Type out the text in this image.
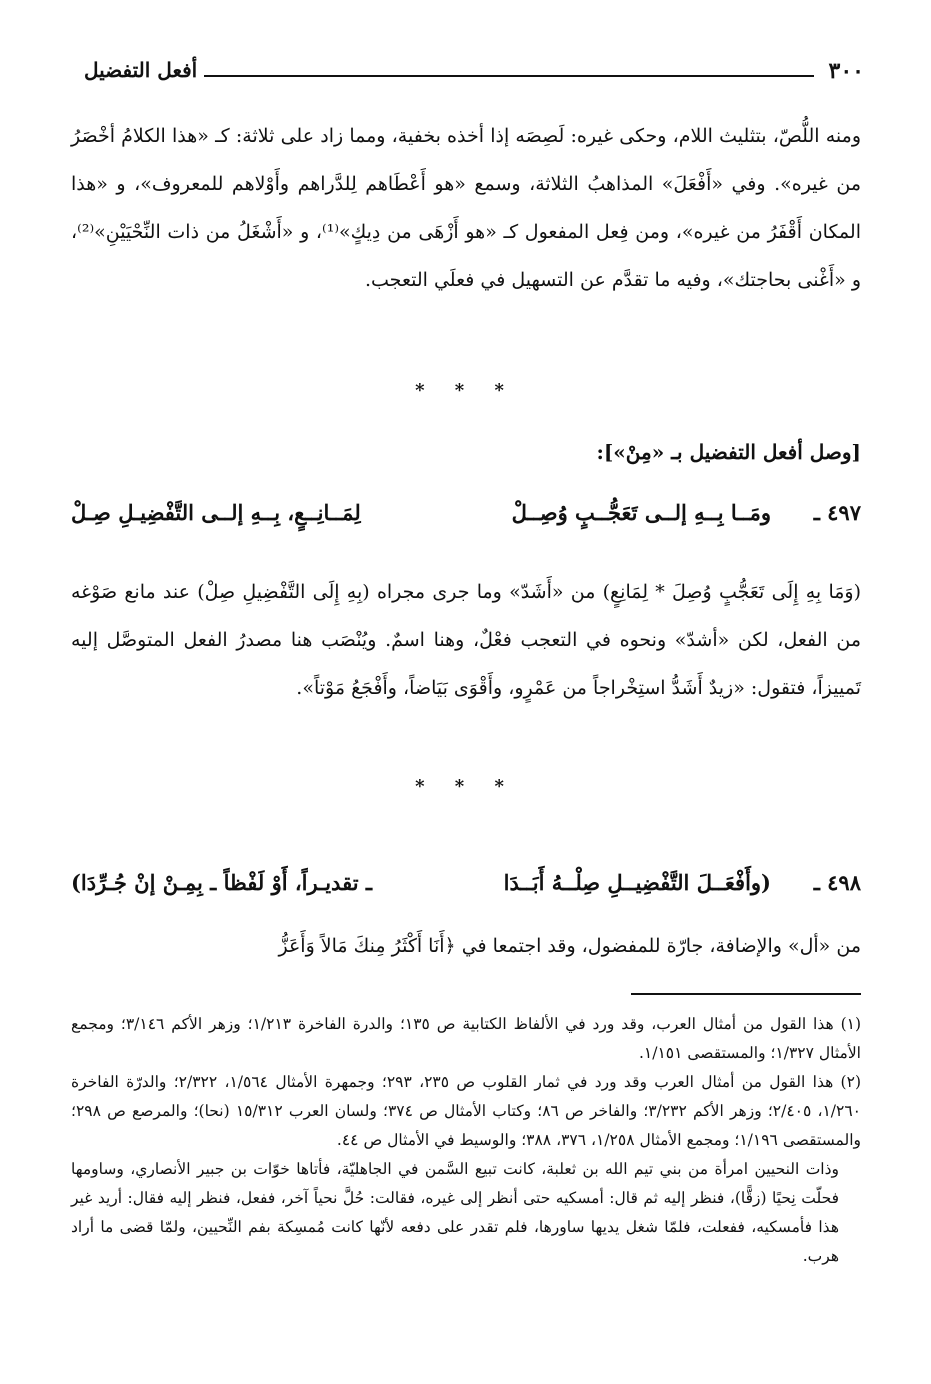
٣٠٠
أفعل التفضيل
ومنه اللُّصّ، بتثليث اللام، وحكى غيره: لَصِصَه إذا أخذه بخفية، ومما زاد على ثلاثة: كـ «هذا الكلامُ أخْصَرُ من غيره». وفي «أَفْعَلَ» المذاهبُ الثلاثة، وسمع «هو أَعْطَاهم لِلدَّراهم وأَوْلاهم للمعروف»، و «هذا المكان أَقْفَرُ من غيره»، ومن فِعل المفعول كـ «هو أَزْهَى من دِيكٍ»⁽¹⁾، و «أَشْغَلُ من ذات النِّحْيَيْنِ»⁽²⁾، و «أَغْنى بحاجتك»، وفيه ما تقدَّم عن التسهيل في فعلَي التعجب.
* * *
[وصل أفعل التفضيل بـ «مِنْ»]:
٤٩٧ ـ
ومَــا بِــهِ إلــى تَعَجُّــبٍ وُصِــلْ
لِمَــانِــعٍ، بِــهِ إلــى التَّفْضِيـلِ صِـلْ
(وَمَا بِهِ إِلَى تَعَجُّبٍ وُصِلَ * لِمَانِعٍ) من «أَشَدّ» وما جرى مجراه (بِهِ إِلَى التَّفْضِيلِ صِلْ) عند مانع صَوْغه من الفعل، لكن «أشدّ» ونحوه في التعجب فعْلٌ، وهنا اسمٌ. ويُنْصَب هنا مصدرُ الفعل المتوصَّل إليه تَمييزاً، فتقول: «زيدٌ أَشَدُّ استِخْراجاً من عَمْرٍو، وأَقْوَى بَيَاضاً، وأَفْجَعُ مَوْتاً».
* * *
٤٩٨ ـ
(وأَفْعَــلَ التَّفْضِيــلِ صِلْــهُ أَبَــدَا
ـ تقديـراً، أَوْ لَفْظاً ـ بِمِـنْ إنْ جُـرِّدَا)
من «أل» والإضافة، جارّة للمفضول، وقد اجتمعا في ﴿أَنَا أَكْثَرُ مِنكَ مَالاً وَأَعَزُّ

(١) هذا القول من أمثال العرب، وقد ورد في الألفاظ الكتابية ص ١٣٥؛ والدرة الفاخرة ١/٢١٣؛ وزهر الأكم ٣/١٤٦؛ ومجمع الأمثال ١/٣٢٧؛ والمستقصى ١/١٥١.

(٢) هذا القول من أمثال العرب وقد ورد في ثمار القلوب ص ٢٣٥، ٢٩٣؛ وجمهرة الأمثال ١/٥٦٤، ٢/٣٢٢؛ والدرّة الفاخرة ١/٢٦٠، ٢/٤٠٥؛ وزهر الأكم ٣/٢٣٢؛ والفاخر ص ٨٦؛ وكتاب الأمثال ص ٣٧٤؛ ولسان العرب ١٥/٣١٢ (نحا)؛ والمرصع ص ٢٩٨؛ والمستقصى ١/١٩٦؛ ومجمع الأمثال ١/٢٥٨، ٣٧٦، ٣٨٨؛ والوسيط في الأمثال ص ٤٤.

وذات النحيين امرأة من بني تيم الله بن ثعلبة، كانت تبيع السَّمن في الجاهليّة، فأتاها خوّات بن جبير الأنصاري، وساومها فحلّت نِحيًا (زقًّا)، فنظر إليه ثم قال: أمسكيه حتى أنظر إلى غيره، فقالت: حُلَّ نحياً آخر، ففعل، فنظر إليه فقال: أريد غير هذا فأمسكيه، ففعلت، فلمّا شغل يديها ساورها، فلم تقدر على دفعه لأنّها كانت مُمسِكة بفم النِّحيين، ولمّا قضى ما أراد هرب.
